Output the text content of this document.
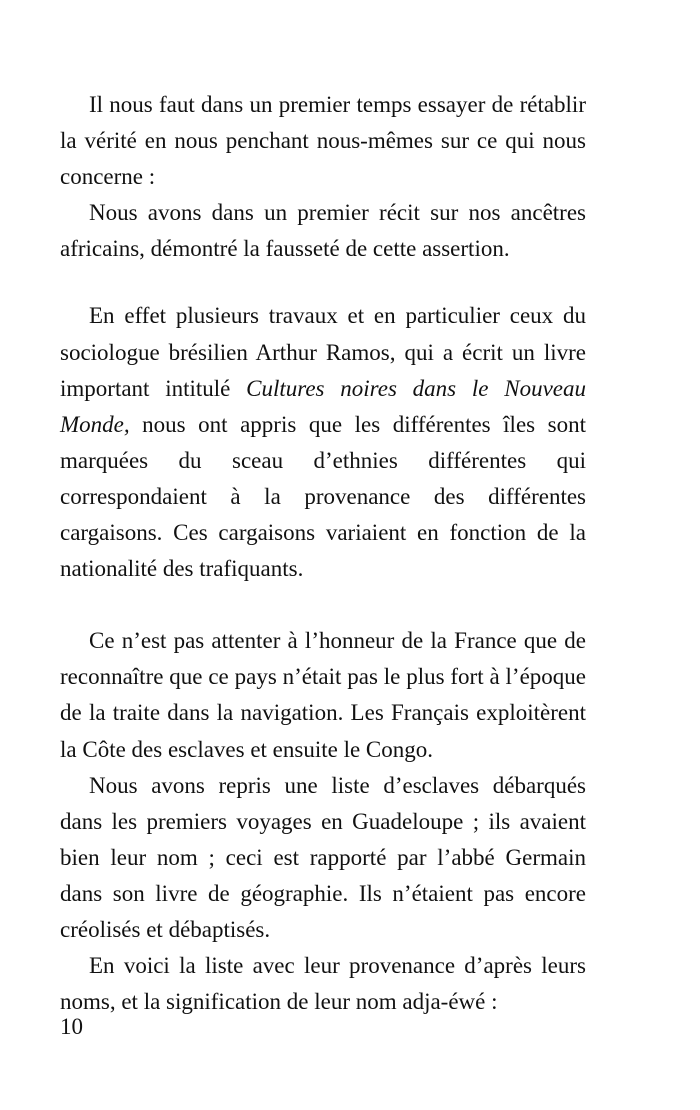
Il nous faut dans un premier temps essayer de rétablir la vérité en nous penchant nous-mêmes sur ce qui nous concerne :

Nous avons dans un premier récit sur nos ancêtres africains, démontré la fausseté de cette assertion.

En effet plusieurs travaux et en particulier ceux du sociologue brésilien Arthur Ramos, qui a écrit un livre important intitulé Cultures noires dans le Nouveau Monde, nous ont appris que les différentes îles sont marquées du sceau d’ethnies différentes qui correspondaient à la provenance des différentes cargaisons. Ces cargaisons variaient en fonction de la nationalité des trafiquants.

Ce n’est pas attenter à l’honneur de la France que de reconnaître que ce pays n’était pas le plus fort à l’époque de la traite dans la navigation. Les Français exploitèrent la Côte des esclaves et ensuite le Congo.

Nous avons repris une liste d’esclaves débarqués dans les premiers voyages en Guadeloupe ; ils avaient bien leur nom ; ceci est rapporté par l’abbé Germain dans son livre de géographie. Ils n’étaient pas encore créolisés et débaptisés.

En voici la liste avec leur provenance d’après leurs noms, et la signification de leur nom adja-éwé :

10
